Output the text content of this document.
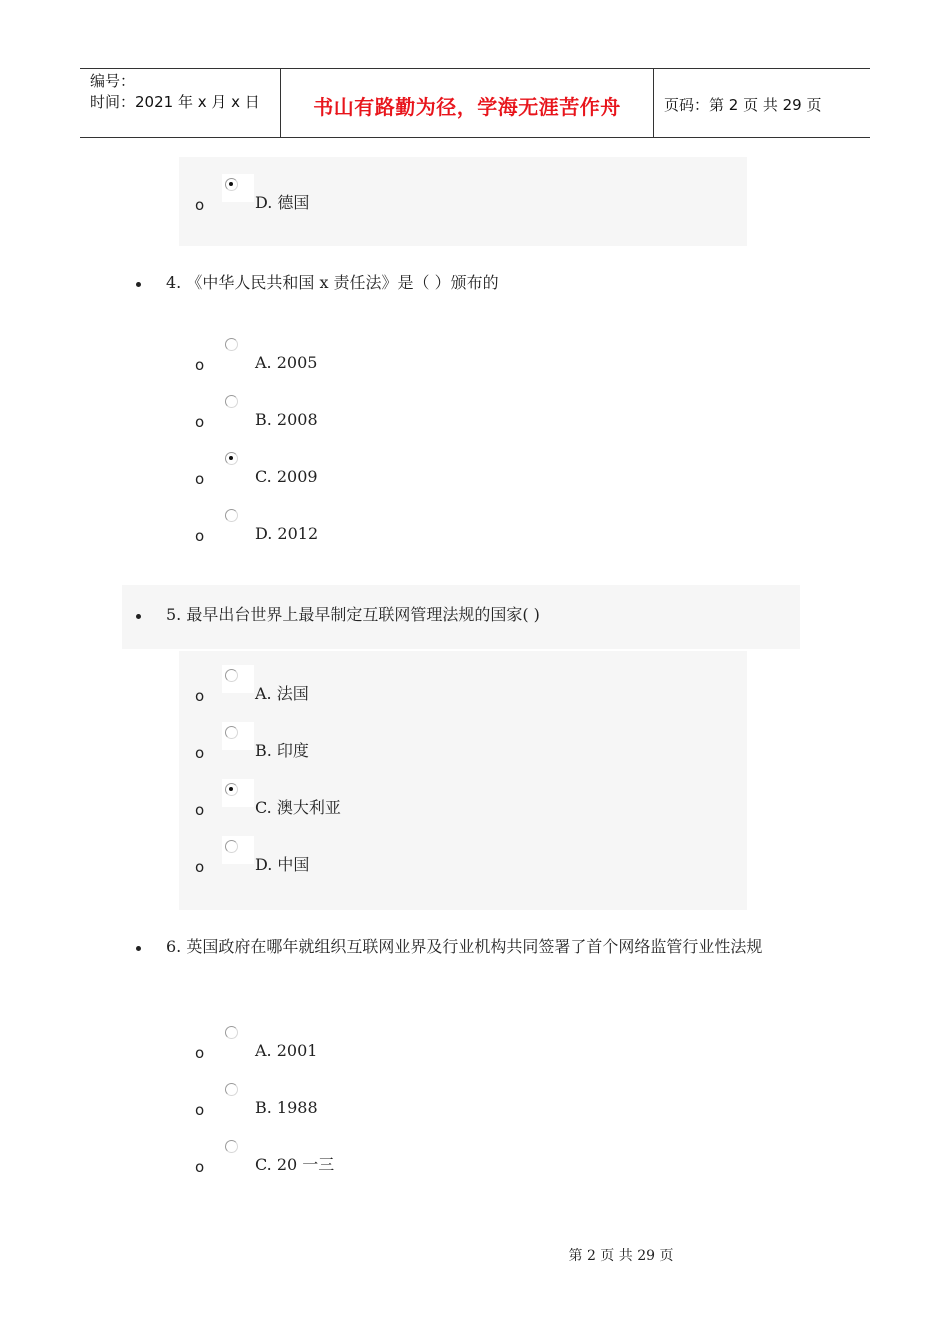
编号：
时间：2021 年 x 月 x 日	书山有路勤为径，学海无涯苦作舟	页码：第 2 页 共 29 页
o	D. 德国
4. 《中华人民共和国 x 责任法》是（ ）颁布的
o	A. 2005
o	B. 2008
o	C. 2009
o	D. 2012
5. 最早出台世界上最早制定互联网管理法规的国家( )
o	A. 法国
o	B. 印度
o	C. 澳大利亚
o	D. 中国
6. 英国政府在哪年就组织互联网业界及行业机构共同签署了首个网络监管行业性法规
o	A. 2001
o	B. 1988
o	C. 20 一三
第 2 页 共 29 页
